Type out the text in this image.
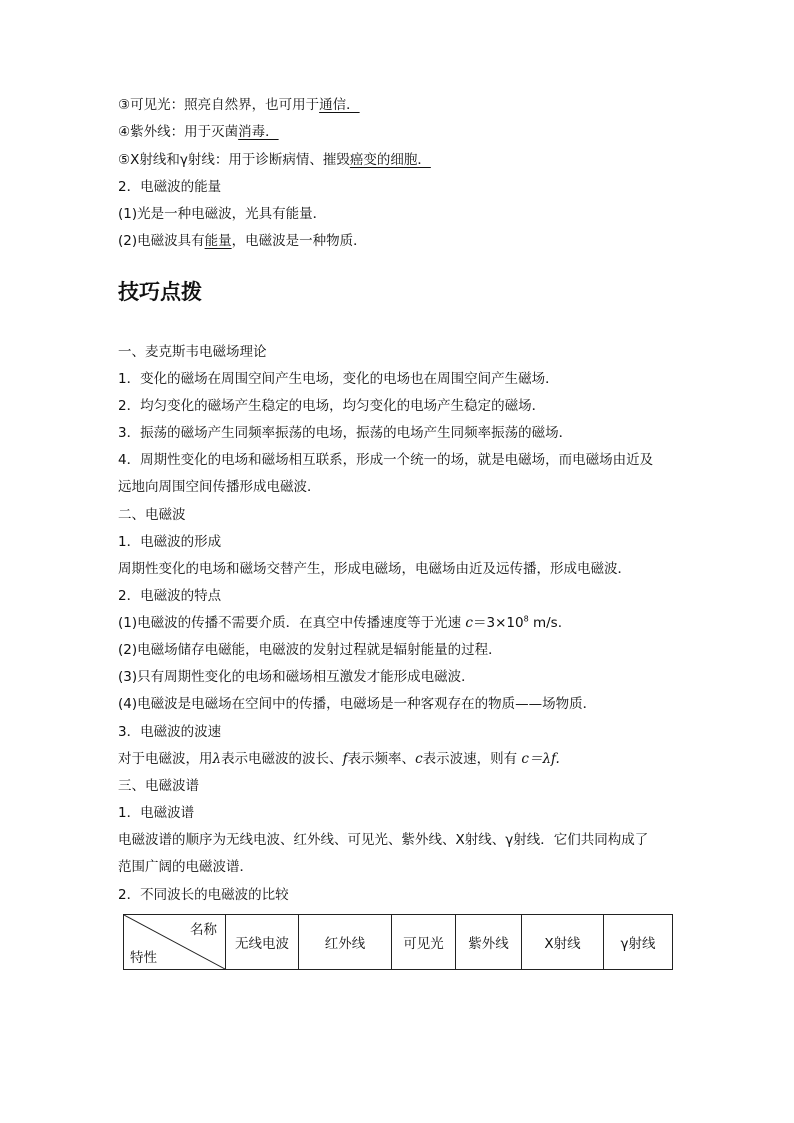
③可见光：照亮自然界，也可用于通信．
④紫外线：用于灭菌消毒．
⑤X射线和γ射线：用于诊断病情、摧毁癌变的细胞．
2．电磁波的能量
(1)光是一种电磁波，光具有能量．
(2)电磁波具有能量，电磁波是一种物质．
技巧点拨
一、麦克斯韦电磁场理论
1．变化的磁场在周围空间产生电场，变化的电场也在周围空间产生磁场．
2．均匀变化的磁场产生稳定的电场，均匀变化的电场产生稳定的磁场．
3．振荡的磁场产生同频率振荡的电场，振荡的电场产生同频率振荡的磁场．
4．周期性变化的电场和磁场相互联系，形成一个统一的场，就是电磁场，而电磁场由近及
远地向周围空间传播形成电磁波．
二、电磁波
1．电磁波的形成
周期性变化的电场和磁场交替产生，形成电磁场，电磁场由近及远传播，形成电磁波．
2．电磁波的特点
(1)电磁波的传播不需要介质．在真空中传播速度等于光速 $c=3\times 10^8$ m/s.
(2)电磁场储存电磁能，电磁波的发射过程就是辐射能量的过程．
(3)只有周期性变化的电场和磁场相互激发才能形成电磁波．
(4)电磁波是电磁场在空间中的传播，电磁场是一种客观存在的物质——场物质．
3．电磁波的波速
对于电磁波，用λ表示电磁波的波长、f表示频率、c表示波速，则有 c＝λf.
三、电磁波谱
1．电磁波谱
电磁波谱的顺序为无线电波、红外线、可见光、紫外线、X射线、γ射线．它们共同构成了
范围广阔的电磁波谱．
2．不同波长的电磁波的比较
名称
特性
	无线电波	红外线	可见光	紫外线	X射线	γ射线
